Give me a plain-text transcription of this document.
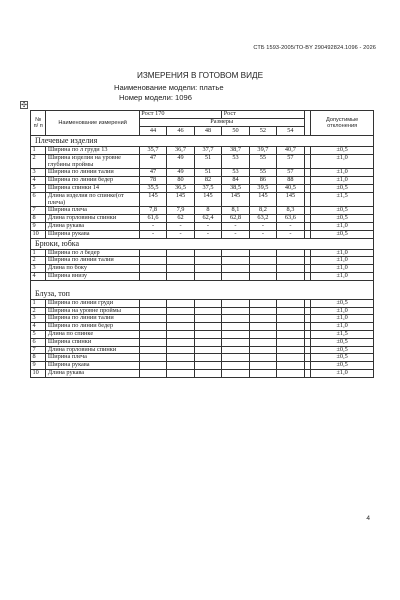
СТБ 1593-2005/ТО-BY 290492824.1096 - 2026
ИЗМЕРЕНИЯ В ГОТОВОМ ВИДЕ
Наименование модели: платье
Номер модели: 1096
✣
№ п/ п	Наименование измерений	Рост 170			Рост				Допустимые отклонения
		Размеры							
		44	46	48	50	52	54		
Плечевые изделия									
1	Ширина по л груди 13	35,7	36,7	37,7	38,7	39,7	40,7		±0,5
2	Ширина изделия на уровне глубины проймы	47	49	51	53	55	57		±1,0
3	Ширина по линии талии	47	49	51	53	55	57		±1,0
4	Ширина по линии бедер	78	80	82	84	86	88		±1,0
5	Ширина спинки 14	35,5	36,5	37,5	38,5	39,5	40,5		±0,5
6	Длина изделия по спинке(от плеча)	145	145	145	145	145	145		±1,5
7	Ширина плеча	7,8	7,9	8	8,1	8,2	8,3		±0,5
8	Длина горловины спинки	61,6	62	62,4	62,8	63,2	63,6		±0,5
9	Длина рукава	-	-	-	-	-	-		±1,0
10	Ширина рукава	-	-	-	-	-	-		±0,5
Брюки, юбка									
1	Ширина по л бедер								±1,0
2	Ширина по линии талии								±1,0
3	Длина по боку								±1,0
4	Ширина внизу								±1,0
Блуза, топ									
1	Ширина по линии груди								±0,5
2	Ширина на уровне проймы								±1,0
3	Ширина по линии талии								±1,0
4	Ширина по линии бедер								±1,0
5	Длина по спинке								±1,5
6	Ширина спинки								±0,5
7	Длина горловины спинки								±0,5
8	Ширина плеча								±0,5
9	Ширина рукава								±0,5
10	Длина рукава								±1,0
4
